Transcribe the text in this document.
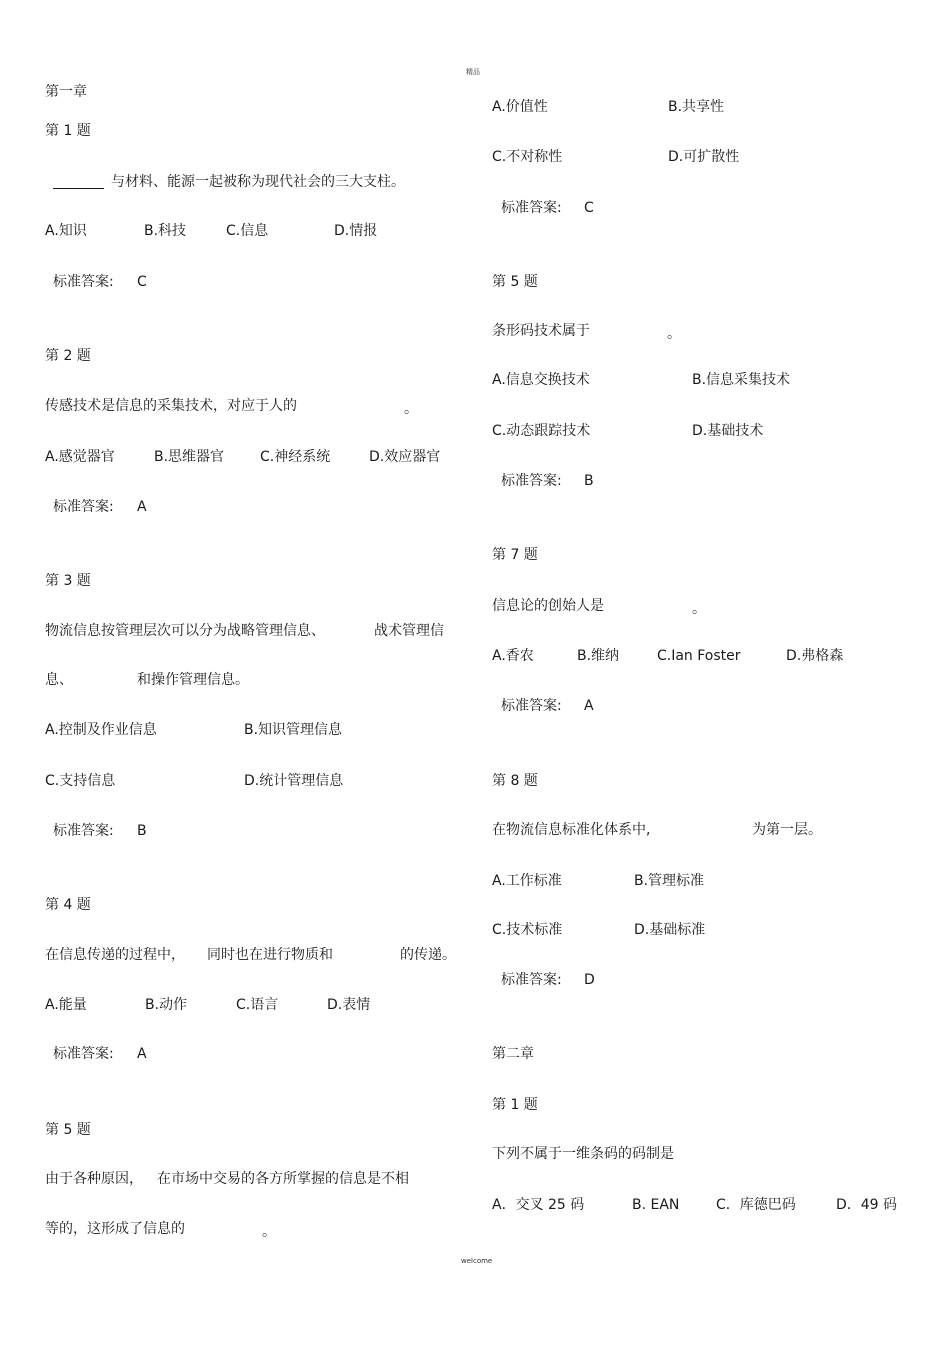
精品
welcome
第一章
第 1 题
与材料、能源一起被称为现代社会的三大支柱。
A.知识	B.科技	C.信息	D.情报
标准答案: C
第 2 题
传感技术是信息的采集技术，对应于人的	。
A.感觉器官	B.思维器官	C.神经系统	D.效应器官
标准答案: A
第 3 题
物流信息按管理层次可以分为战略管理信息、	战术管理信
息、	和操作管理信息。
A.控制及作业信息	B.知识管理信息
C.支持信息	D.统计管理信息
标准答案: B
第 4 题
在信息传递的过程中， 同时也在进行物质和	的传递。
A.能量	B.动作	C.语言	D.表情
标准答案: A
第 5 题
由于各种原因， 在市场中交易的各方所掌握的信息是不相
等的，这形成了信息的	。
A.价值性	B.共享性
C.不对称性	D.可扩散性
标准答案: C
第 5 题
条形码技术属于	。
A.信息交换技术	B.信息采集技术
C.动态跟踪技术	D.基础技术
标准答案: B
第 7 题
信息论的创始人是	。
A.香农	B.维纳	C.Ian Foster	D.弗格森
标准答案: A
第 8 题
在物流信息标准化体系中,	为第一层。
A.工作标准	B.管理标准
C.技术标准	D.基础标准
标准答案: D
第二章
第 1 题
下列不属于一维条码的码制是
A．交叉 25 码	B. EAN	C．库德巴码	D．49 码
